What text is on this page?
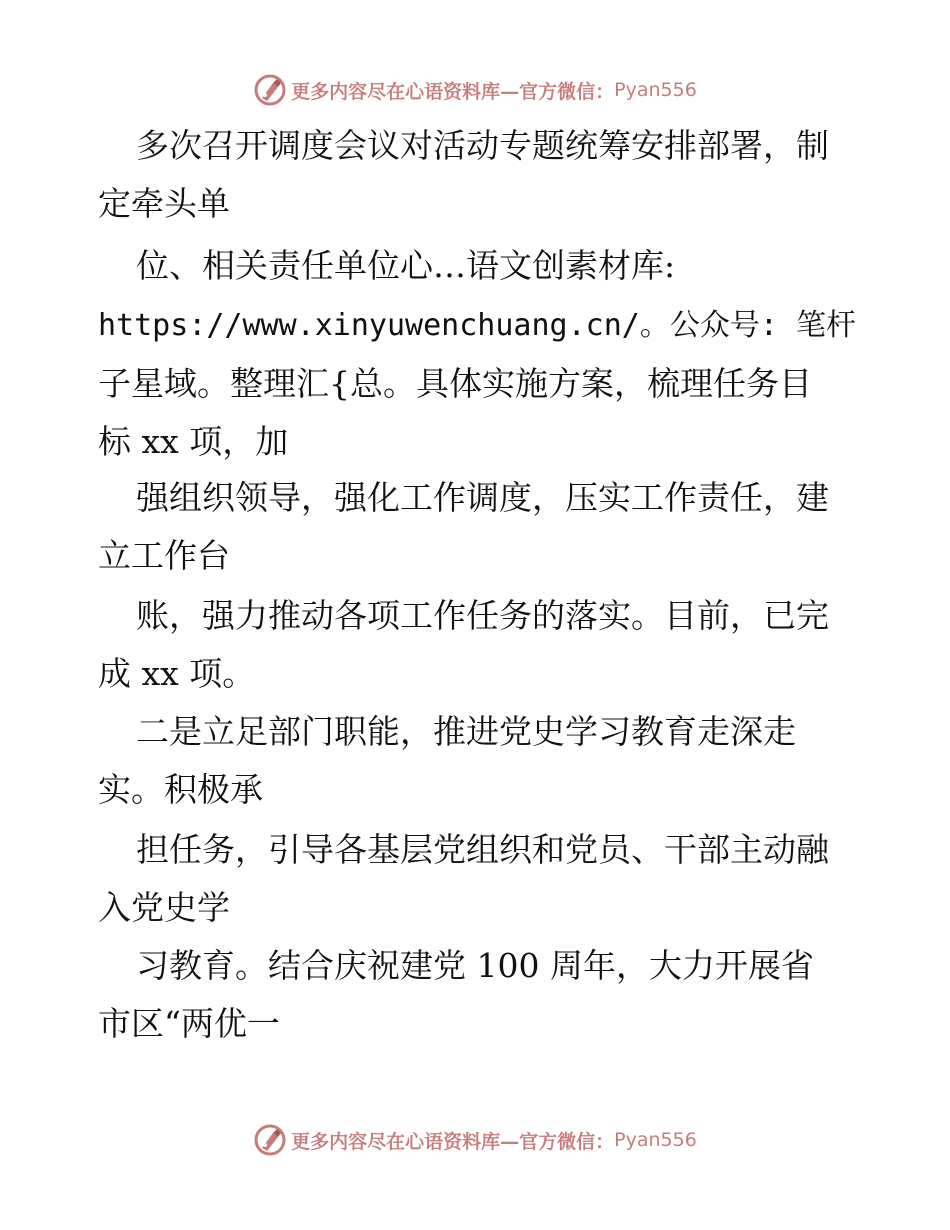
更多内容尽在心语资料库—官方微信： Pyan556
多次召开调度会议对活动专题统筹安排部署，制
定牵头单
位、相关责任单位心…语文创素材库:
https://www.xinyuwenchuang.cn/。公众号: 笔杆
子星域。整理汇{总。具体实施方案，梳理任务目
标 xx 项，加
强组织领导，强化工作调度，压实工作责任，建
立工作台
账，强力推动各项工作任务的落实。目前，已完
成 xx 项。
二是立足部门职能，推进党史学习教育走深走
实。积极承
担任务，引导各基层党组织和党员、干部主动融
入党史学
习教育。结合庆祝建党 100 周年，大力开展省
市区“两优一
更多内容尽在心语资料库—官方微信： Pyan556
